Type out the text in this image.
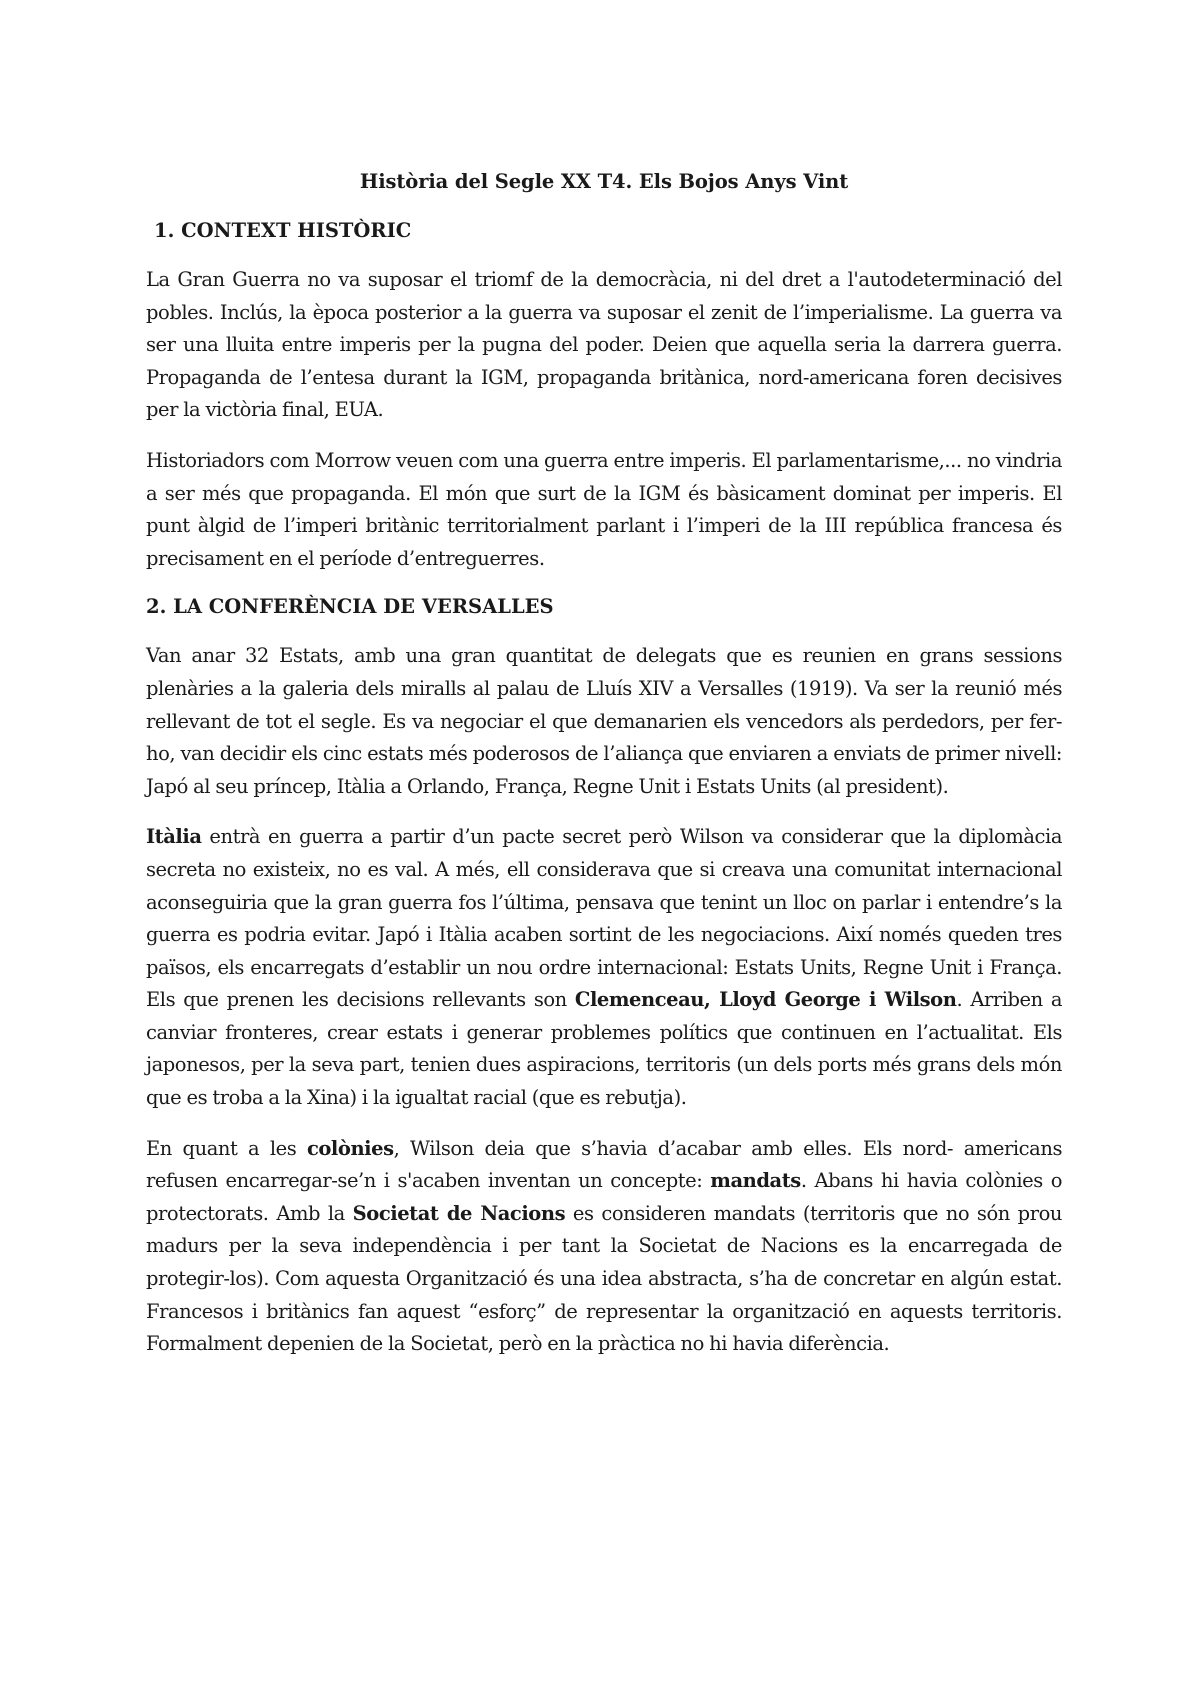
Història del Segle XX T4. Els Bojos Anys Vint
1. CONTEXT HISTÒRIC

La Gran Guerra no va suposar el triomf de la democràcia, ni del dret a l'autodeterminació del pobles. Inclús, la època posterior a la guerra va suposar el zenit de l’imperialisme. La guerra va ser una lluita entre imperis per la pugna del poder. Deien que aquella seria la darrera guerra. Propaganda de l’entesa durant la IGM, propaganda britànica, nord-americana foren decisives per la victòria final, EUA.

Historiadors com Morrow veuen com una guerra entre imperis. El parlamentarisme,... no vindria a ser més que propaganda. El món que surt de la IGM és bàsicament dominat per imperis. El punt àlgid de l’imperi britànic territorialment parlant i l’imperi de la III república francesa és precisament en el període d’entreguerres.

2. LA CONFERÈNCIA DE VERSALLES

Van anar 32 Estats, amb una gran quantitat de delegats que es reunien en grans sessions plenàries a la galeria dels miralls al palau de Lluís XIV a Versalles (1919). Va ser la reunió més rellevant de tot el segle. Es va negociar el que demanarien els vencedors als perdedors, per fer-ho, van decidir els cinc estats més poderosos de l’aliança que enviaren a enviats de primer nivell: Japó al seu príncep, Itàlia a Orlando, França, Regne Unit i Estats Units (al president).

Itàlia entrà en guerra a partir d’un pacte secret però Wilson va considerar que la diplomàcia secreta no existeix, no es val. A més, ell considerava que si creava una comunitat internacional aconseguiria que la gran guerra fos l’última, pensava que tenint un lloc on parlar i entendre’s la guerra es podria evitar. Japó i Itàlia acaben sortint de les negociacions. Així només queden tres països, els encarregats d’establir un nou ordre internacional: Estats Units, Regne Unit i França. Els que prenen les decisions rellevants son Clemenceau, Lloyd George i Wilson. Arriben a canviar fronteres, crear estats i generar problemes polítics que continuen en l’actualitat. Els japonesos, per la seva part, tenien dues aspiracions, territoris (un dels ports més grans dels món que es troba a la Xina) i la igualtat racial (que es rebutja).

En quant a les colònies, Wilson deia que s’havia d’acabar amb elles. Els nord- americans refusen encarregar-se’n i s'acaben inventan un concepte: mandats. Abans hi havia colònies o protectorats. Amb la Societat de Nacions es consideren mandats (territoris que no són prou madurs per la seva independència i per tant la Societat de Nacions es la encarregada de protegir-los). Com aquesta Organització és una idea abstracta, s’ha de concretar en algún estat. Francesos i britànics fan aquest “esforç” de representar la organització en aquests territoris. Formalment depenien de la Societat, però en la pràctica no hi havia diferència.
